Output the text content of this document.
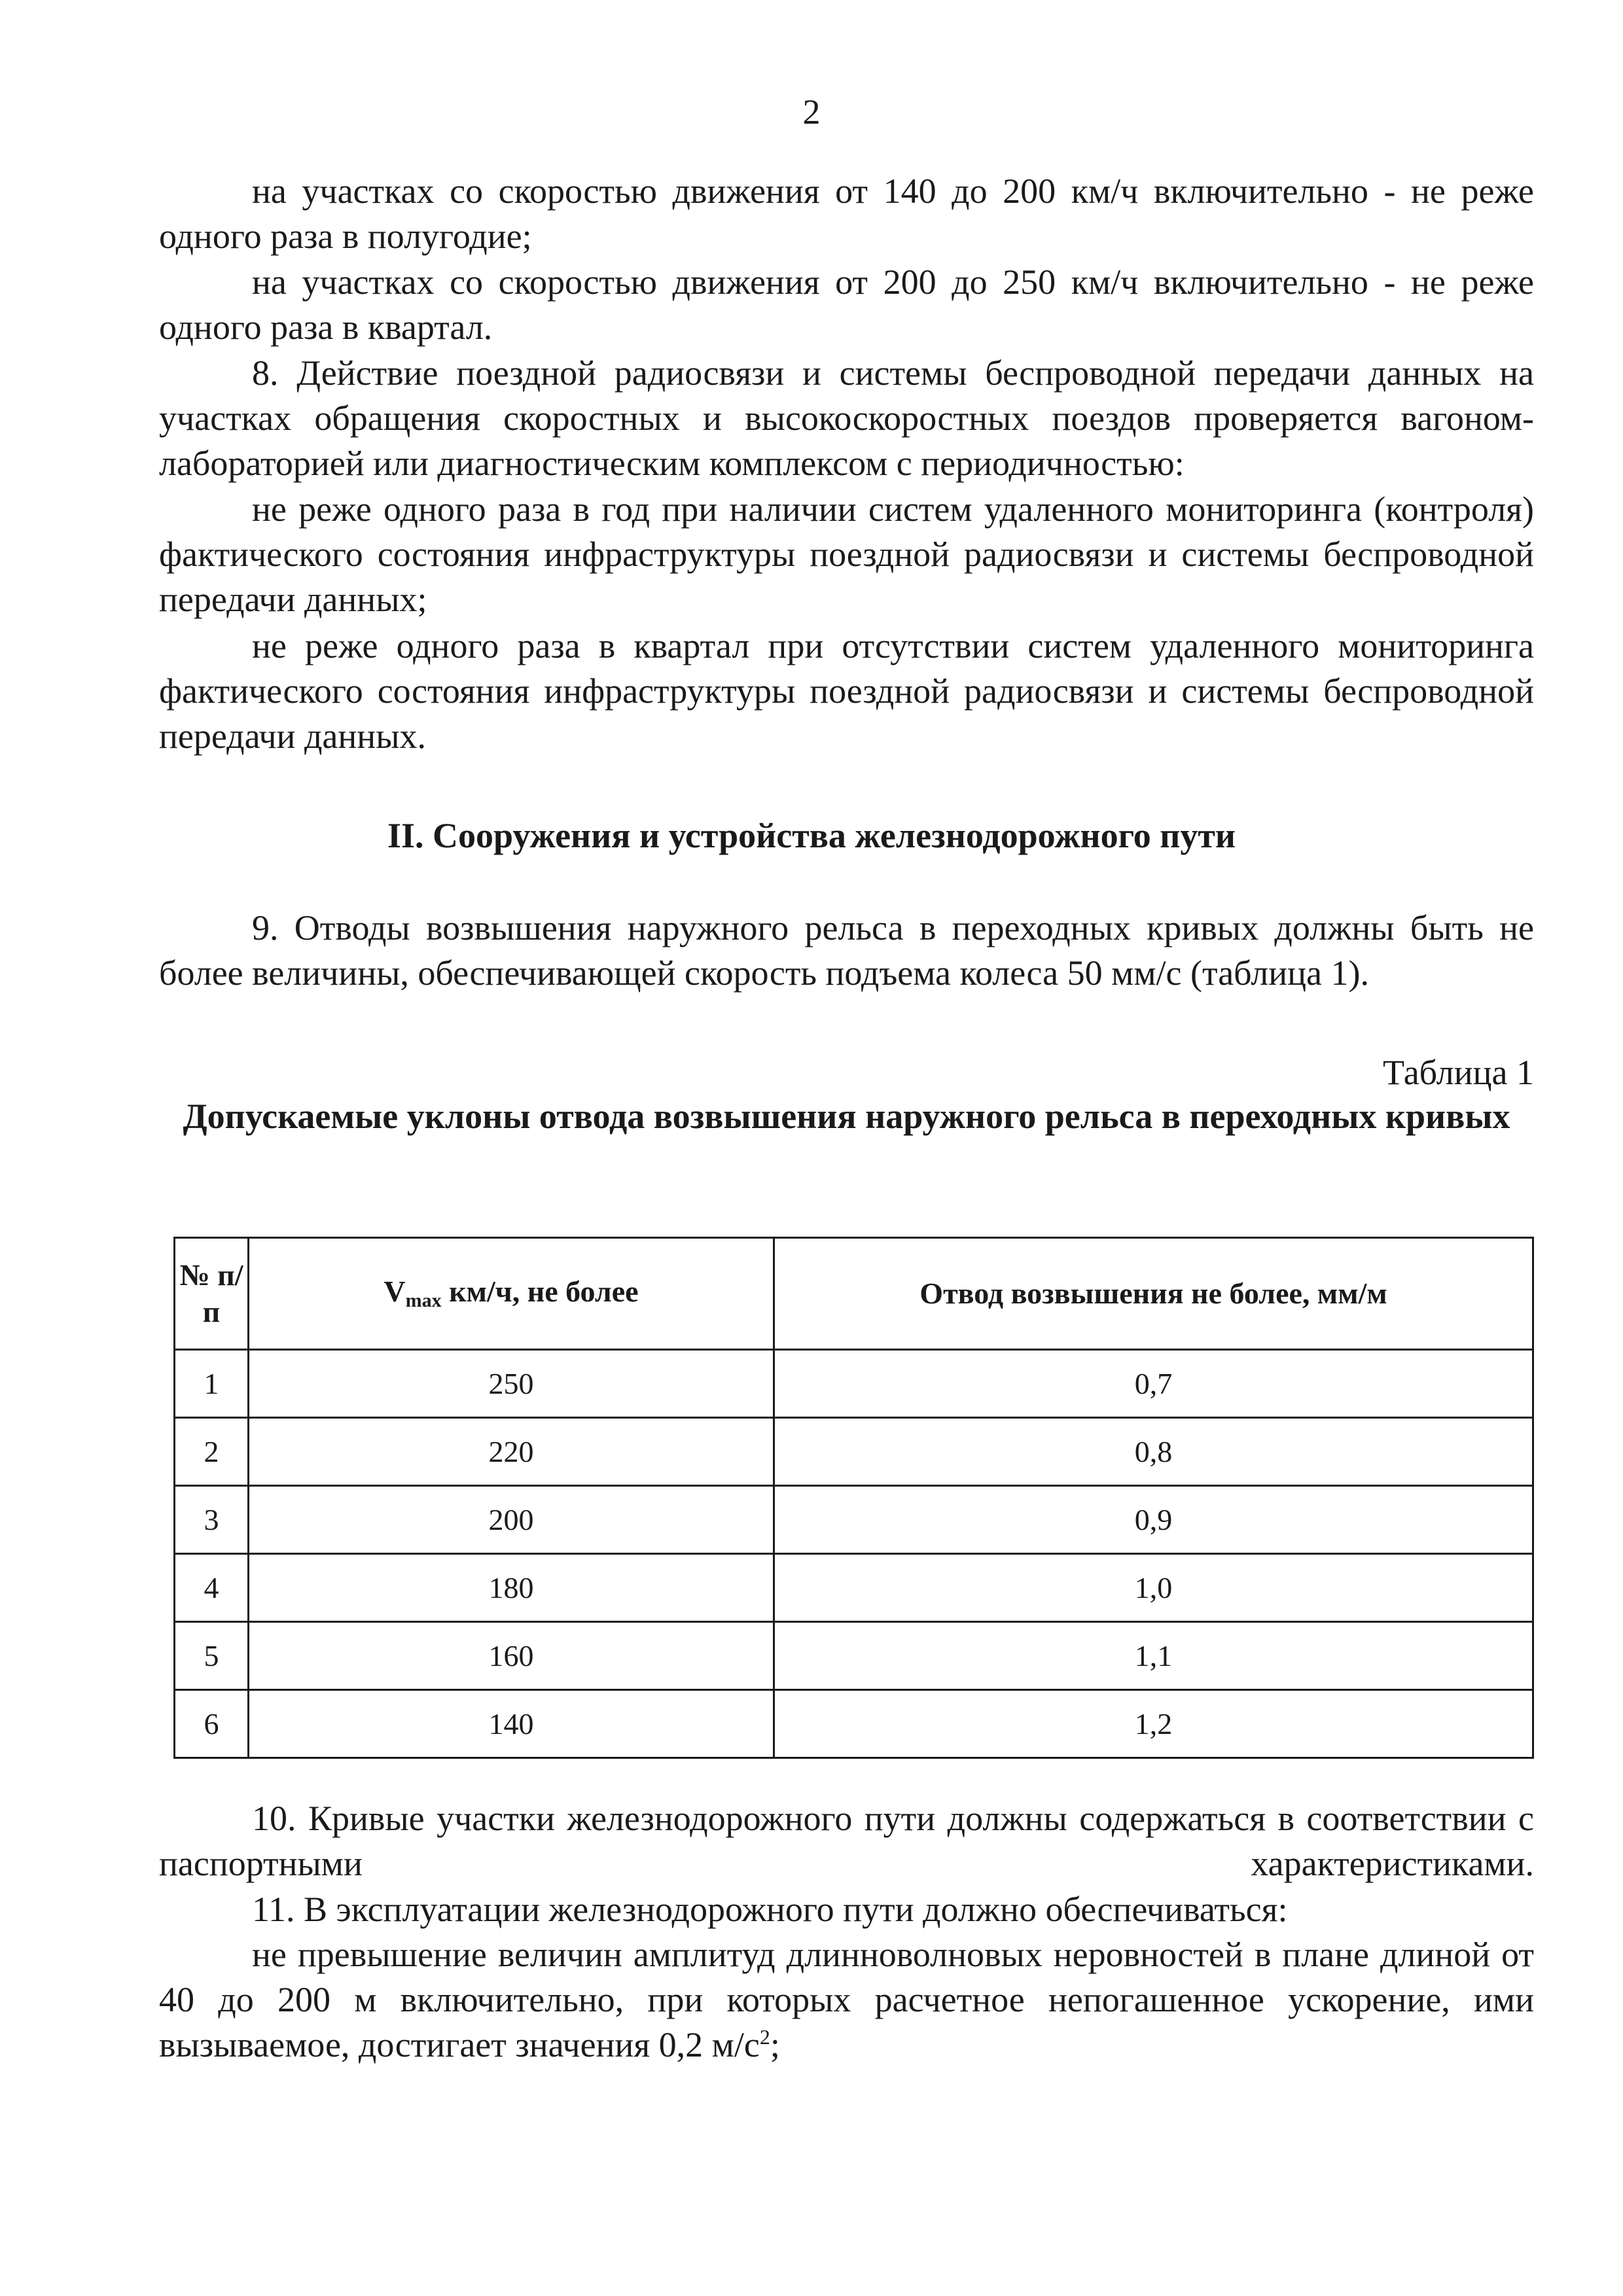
2

на участках со скоростью движения от 140 до 200 км/ч включительно - не реже одного раза в полугодие;

на участках со скоростью движения от 200 до 250 км/ч включительно - не реже одного раза в квартал.

8. Действие поездной радиосвязи и системы беспроводной передачи данных на участках обращения скоростных и высокоскоростных поездов проверяется вагоном-лабораторией или диагностическим комплексом с периодичностью:

не реже одного раза в год при наличии систем удаленного мониторинга (контроля) фактического состояния инфраструктуры поездной радиосвязи и системы беспроводной передачи данных;

не реже одного раза в квартал при отсутствии систем удаленного мониторинга фактического состояния инфраструктуры поездной радиосвязи и системы беспроводной передачи данных.

II. Сооружения и устройства железнодорожного пути

9. Отводы возвышения наружного рельса в переходных кривых должны быть не более величины, обеспечивающей скорость подъема колеса 50 мм/с (таблица 1).

Таблица 1
Допускаемые уклоны отвода возвышения наружного рельса в переходных кривых
№ п/п	$V_{max}$ км/ч, не более	Отвод возвышения не более, мм/м
1	250	0,7
2	220	0,8
3	200	0,9
4	180	1,0
5	160	1,1
6	140	1,2

10. Кривые участки железнодорожного пути должны содержаться в соответствии с паспортными характеристиками.

11. В эксплуатации железнодорожного пути должно обеспечиваться:

не превышение величин амплитуд длинноволновых неровностей в плане длиной от 40 до 200 м включительно, при которых расчетное непогашенное ускорение, ими вызываемое, достигает значения 0,2 $м/с^2$;
